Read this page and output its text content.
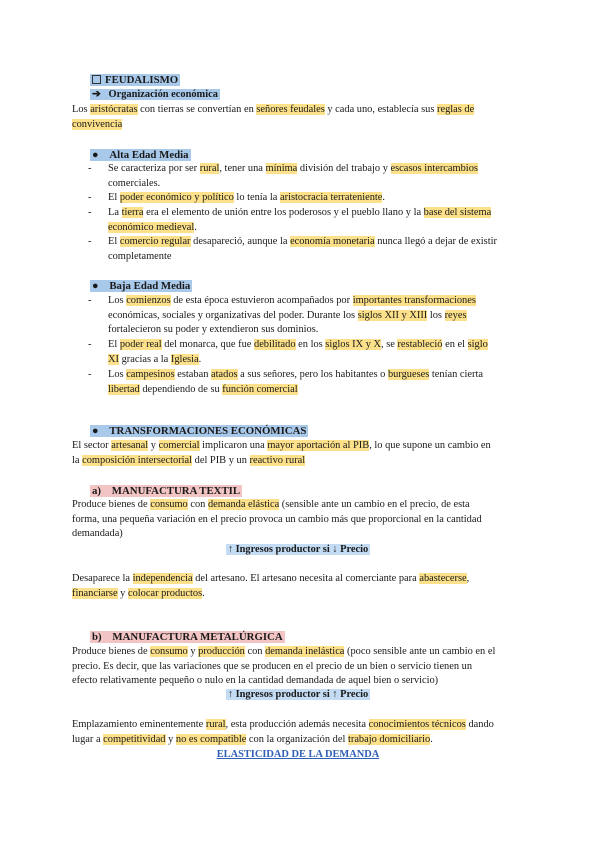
FEUDALISMO
➔ Organización económica
Los aristócratas con tierras se convertían en señores feudales y cada uno, establecía sus reglas de
convivencia
● Alta Edad Media
-	Se caracteriza por ser rural, tener una mínima división del trabajo y escasos intercambios
comerciales.
-	El poder económico y político lo tenía la aristocracia terrateniente.
-	La tierra era el elemento de unión entre los poderosos y el pueblo llano y la base del sistema
económico medieval.
-	El comercio regular desapareció, aunque la economía monetaria nunca llegó a dejar de existir
completamente
● Baja Edad Media
-	Los comienzos de esta época estuvieron acompañados por importantes transformaciones
económicas, sociales y organizativas del poder. Durante los siglos XII y XIII los reyes
fortalecieron su poder y extendieron sus dominios.
-	El poder real del monarca, que fue debilitado en los siglos IX y X, se restableció en el siglo
XI gracias a la Iglesia.
-	Los campesinos estaban atados a sus señores, pero los habitantes o burgueses tenían cierta
libertad dependiendo de su función comercial
● TRANSFORMACIONES ECONÓMICAS
El sector artesanal y comercial implicaron una mayor aportación al PIB, lo que supone un cambio en
la composición intersectorial del PIB y un reactivo rural
a) MANUFACTURA TEXTIL
Produce bienes de consumo con demanda elástica (sensible ante un cambio en el precio, de esta
forma, una pequeña variación en el precio provoca un cambio más que proporcional en la cantidad
demandada)
↑ Ingresos productor si ↓ Precio
Desaparece la independencia del artesano. El artesano necesita al comerciante para abastecerse,
financiarse y colocar productos.
b) MANUFACTURA METALÚRGICA
Produce bienes de consumo y producción con demanda inelástica (poco sensible ante un cambio en el
precio. Es decir, que las variaciones que se producen en el precio de un bien o servicio tienen un
efecto relativamente pequeño o nulo en la cantidad demandada de aquel bien o servicio)
↑ Ingresos productor si ↑ Precio
Emplazamiento eminentemente rural, esta producción además necesita conocimientos técnicos dando
lugar a competitividad y no es compatible con la organización del trabajo domiciliario.
ELASTICIDAD DE LA DEMANDA
